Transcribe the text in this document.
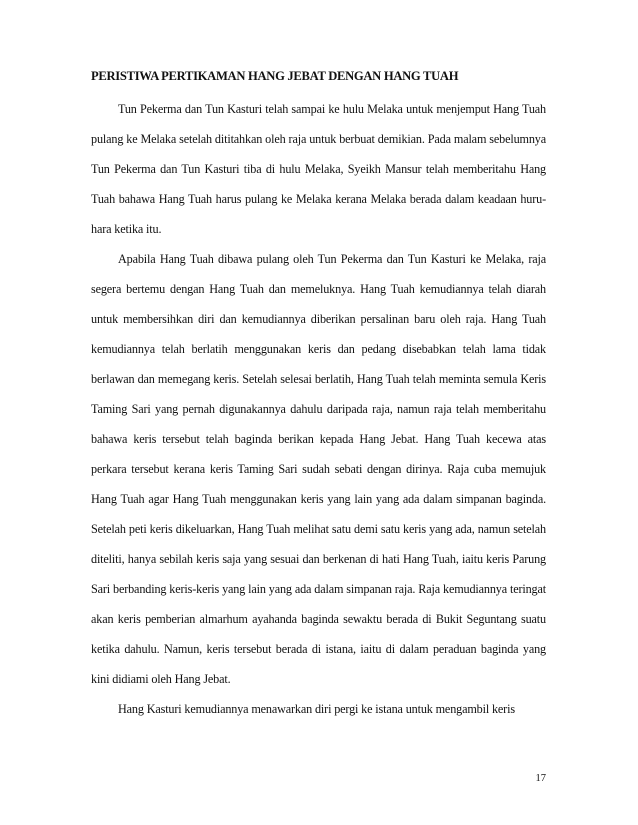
PERISTIWA PERTIKAMAN HANG JEBAT DENGAN HANG TUAH

Tun Pekerma dan Tun Kasturi telah sampai ke hulu Melaka untuk menjemput Hang Tuah pulang ke Melaka setelah dititahkan oleh raja untuk berbuat demikian. Pada malam sebelumnya Tun Pekerma dan Tun Kasturi tiba di hulu Melaka, Syeikh Mansur telah memberitahu Hang Tuah bahawa Hang Tuah harus pulang ke Melaka kerana Melaka berada dalam keadaan huru-hara ketika itu.

Apabila Hang Tuah dibawa pulang oleh Tun Pekerma dan Tun Kasturi ke Melaka, raja segera bertemu dengan Hang Tuah dan memeluknya. Hang Tuah kemudiannya telah diarah untuk membersihkan diri dan kemudiannya diberikan persalinan baru oleh raja. Hang Tuah kemudiannya telah berlatih menggunakan keris dan pedang disebabkan telah lama tidak berlawan dan memegang keris. Setelah selesai berlatih, Hang Tuah telah meminta semula Keris Taming Sari yang pernah digunakannya dahulu daripada raja, namun raja telah memberitahu bahawa keris tersebut telah baginda berikan kepada Hang Jebat. Hang Tuah kecewa atas perkara tersebut kerana keris Taming Sari sudah sebati dengan dirinya. Raja cuba memujuk Hang Tuah agar Hang Tuah menggunakan keris yang lain yang ada dalam simpanan baginda. Setelah peti keris dikeluarkan, Hang Tuah melihat satu demi satu keris yang ada, namun setelah diteliti, hanya sebilah keris saja yang sesuai dan berkenan di hati Hang Tuah, iaitu keris Parung Sari berbanding keris-keris yang lain yang ada dalam simpanan raja. Raja kemudiannya teringat akan keris pemberian almarhum ayahanda baginda sewaktu berada di Bukit Seguntang suatu ketika dahulu. Namun, keris tersebut berada di istana, iaitu di dalam peraduan baginda yang kini didiami oleh Hang Jebat.

Hang Kasturi kemudiannya menawarkan diri pergi ke istana untuk mengambil keris

17
